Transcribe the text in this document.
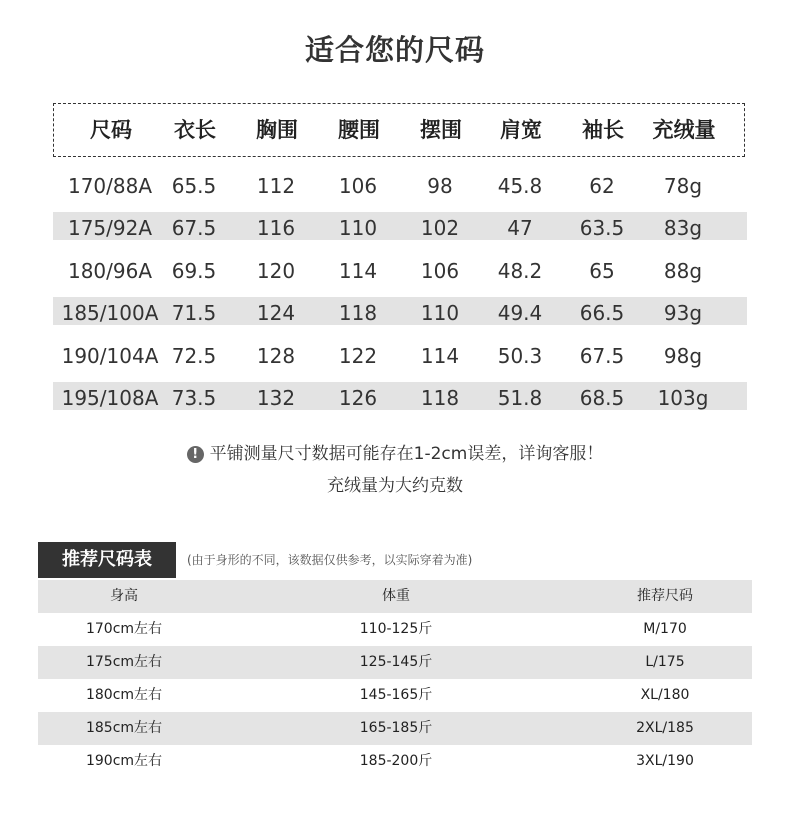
适合您的尺码
尺码 衣长 胸围 腰围 摆围 肩宽 袖长 充绒量
170/88A 65.5 112 106	98 45.8 62 78g
175/92A 67.5 116 110 102 47 63.5 83g
180/96A 69.5 120 114 106 48.2 65 88g
185/100A 71.5 124 118 110 49.4 66.5 93g
190/104A 72.5 128 122 114 50.3 67.5 98g
195/108A 73.5 132 126 118 51.8 68.5 103g
! 平铺测量尺寸数据可能存在1-2cm误差，详询客服！
充绒量为大约克数
推荐尺码表	(由于身形的不同，该数据仅供参考，以实际穿着为准)
身高	体重	推荐尺码
170cm左右	110-125斤	M/170
175cm左右	125-145斤	L/175
180cm左右	145-165斤	XL/180
185cm左右	165-185斤	2XL/185
190cm左右	185-200斤	3XL/190
